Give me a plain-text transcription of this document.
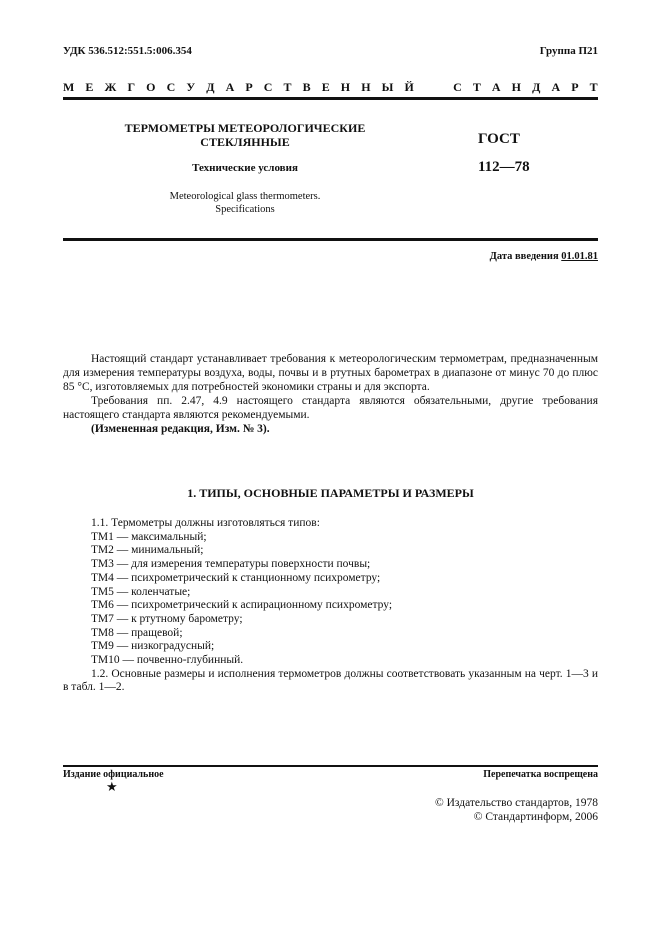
УДК 536.512:551.5:006.354	Группа П21
М Е Ж Г О С У Д А Р С Т В Е Н Н Ы Й

	С Т А Н Д А Р Т
ТЕРМОМЕТРЫ МЕТЕОРОЛОГИЧЕСКИЕ
СТЕКЛЯННЫЕ
Технические условия
Meteorological glass thermometers.
Specifications
ГОСТ
112—78
Дата введения 01.01.81

Настоящий стандарт устанавливает требования к метеорологическим термометрам, предназначенным для измерения температуры воздуха, воды, почвы и в ртутных барометрах в диапазоне от минус 70 до плюс 85 °С, изготовляемых для потребностей экономики страны и для экспорта.

Требования пп. 2.47, 4.9 настоящего стандарта являются обязательными, другие требования настоящего стандарта являются рекомендуемыми.

(Измененная редакция, Изм. № 3).

1. ТИПЫ, ОСНОВНЫЕ ПАРАМЕТРЫ И РАЗМЕРЫ
1.1. Термометры должны изготовляться типов:
ТМ1 — максимальный;
ТМ2 — минимальный;
ТМ3 — для измерения температуры поверхности почвы;
ТМ4 — психрометрический к станционному психрометру;
ТМ5 — коленчатые;
ТМ6 — психрометрический к аспирационному психрометру;
ТМ7 — к ртутному барометру;
ТМ8 — пращевой;
ТМ9 — низкоградусный;
ТМ10 — почвенно-глубинный.
1.2. Основные размеры и исполнения термометров должны соответствовать указанным на черт. 1—3 и в табл. 1—2.
Издание официальное
★
Перепечатка воспрещена
© Издательство стандартов, 1978
© Стандартинформ, 2006
